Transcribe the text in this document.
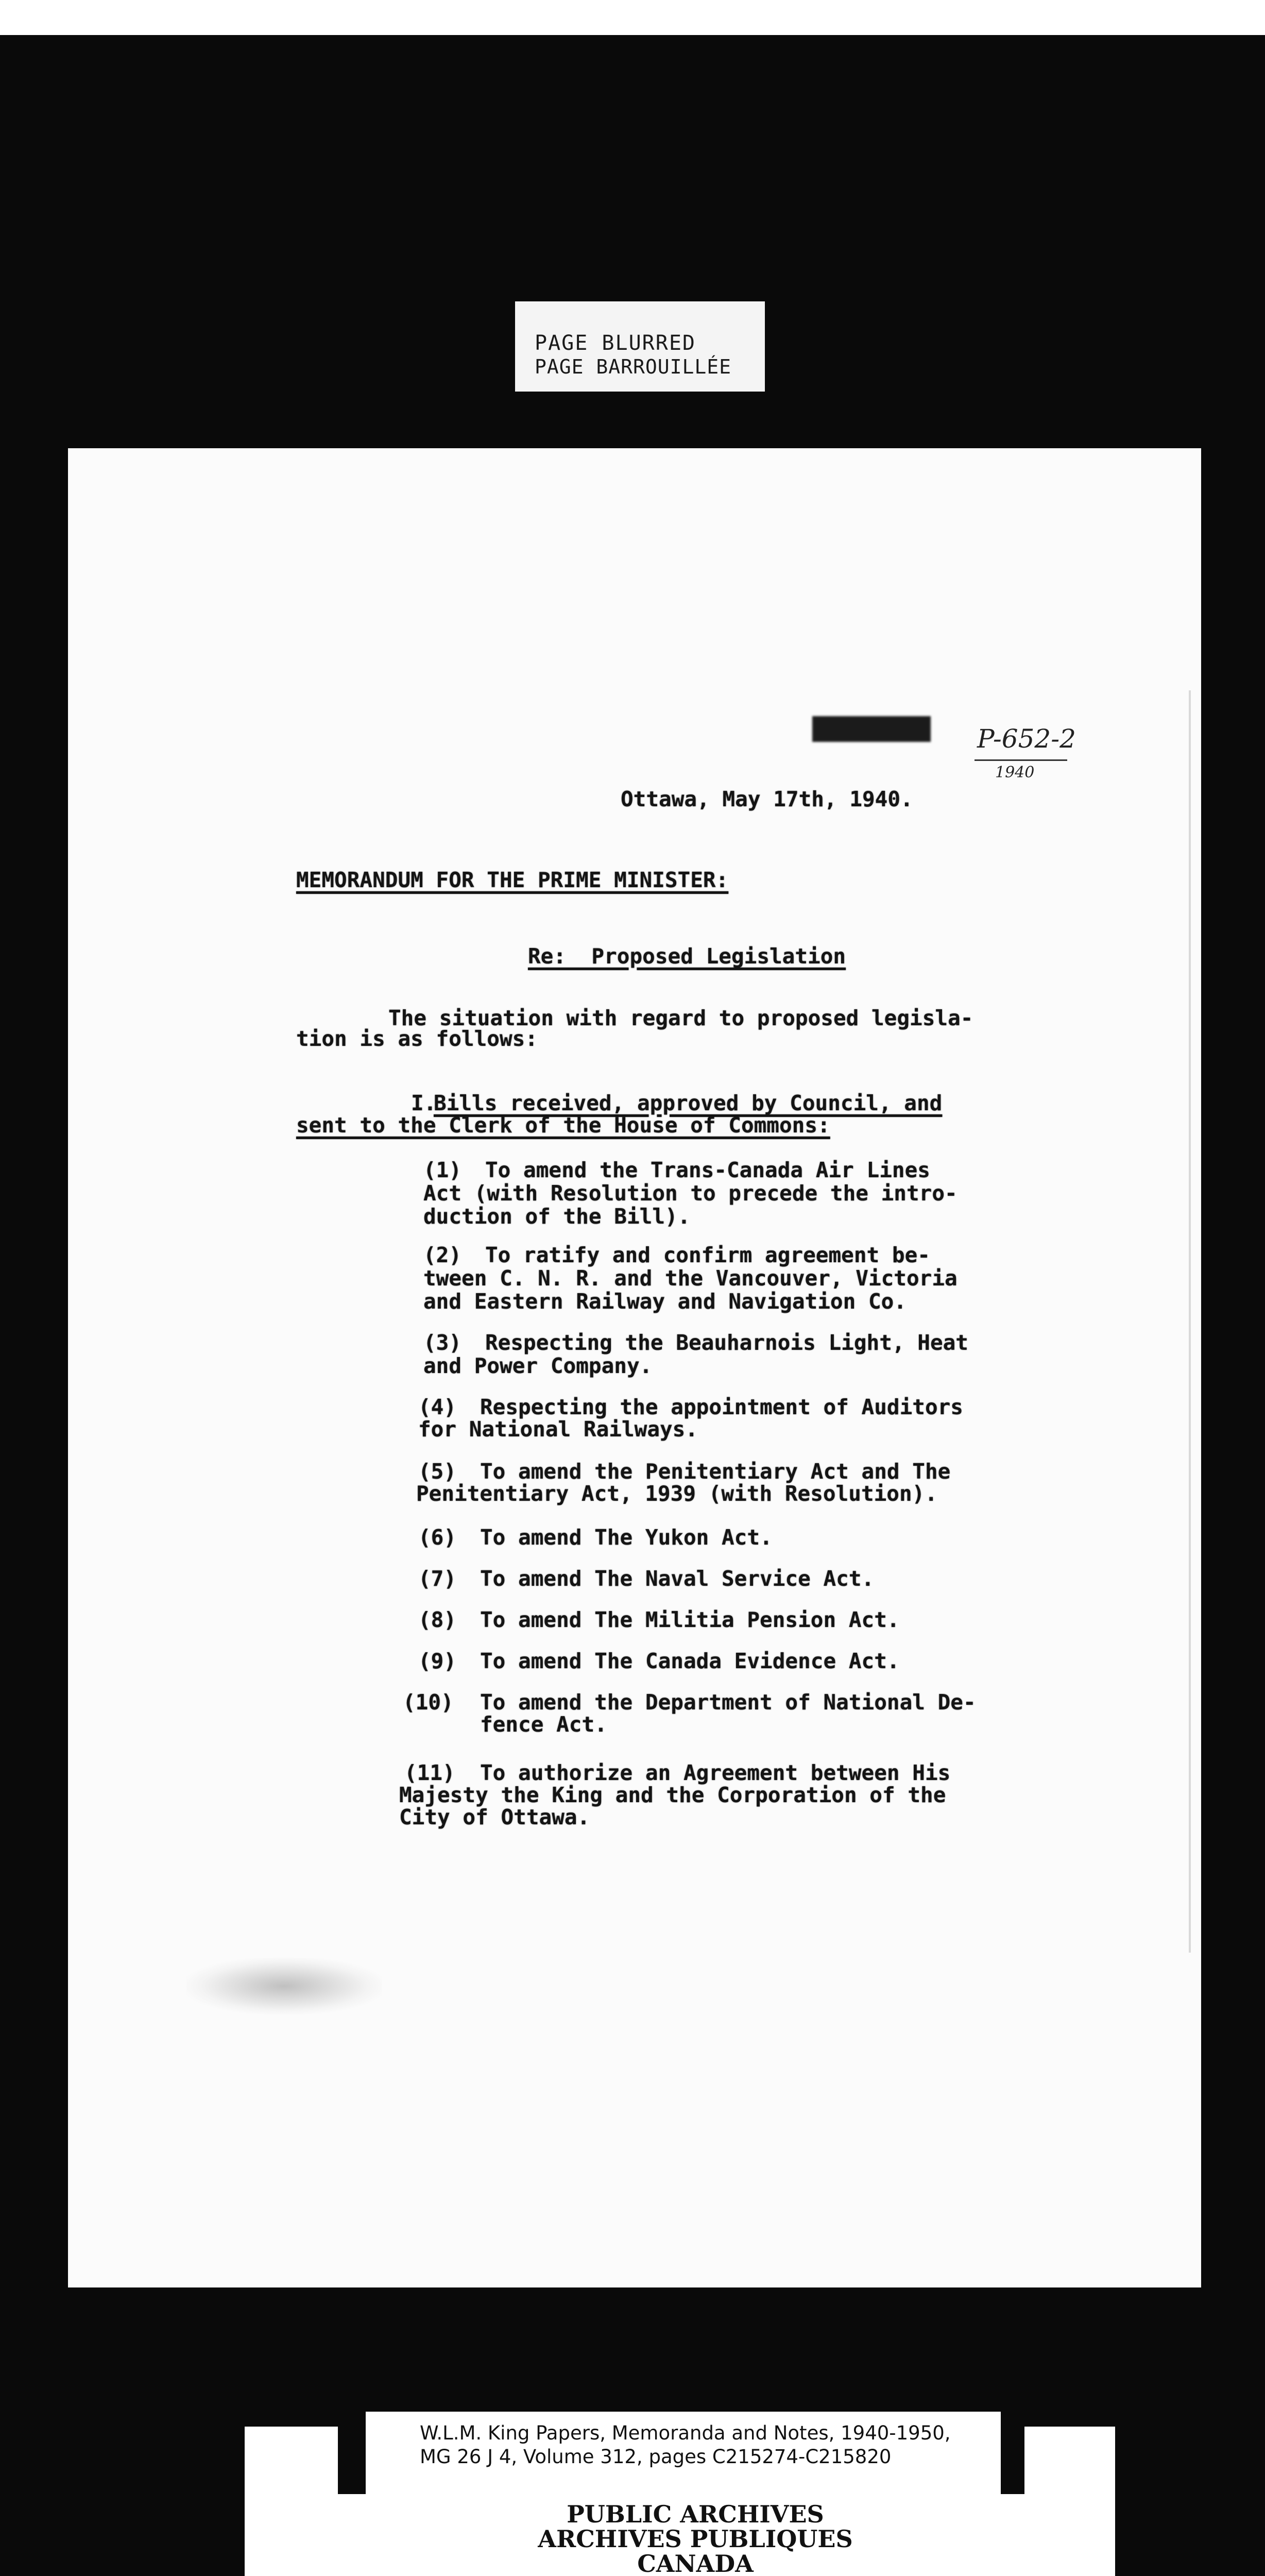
PAGE BLURRED
PAGE BARROUILLÉE
C215255	P-652-2
1940
Ottawa, May 17th, 1940.
MEMORANDUM FOR THE PRIME MINISTER:
Re:  Proposed Legislation
The situation with regard to proposed legisla-
tion is as follows:
I.
Bills received, approved by Council, and
sent to the Clerk of the House of Commons:
(1) To amend the Trans-Canada Air Lines
Act (with Resolution to precede the intro-
duction of the Bill).
(2) To ratify and confirm agreement be-
tween C. N. R. and the Vancouver, Victoria
and Eastern Railway and Navigation Co.
(3) Respecting the Beauharnois Light, Heat
and Power Company.
(4) Respecting the appointment of Auditors
for National Railways.
(5) To amend the Penitentiary Act and The
Penitentiary Act, 1939 (with Resolution).
(6) To amend The Yukon Act.
(7) To amend The Naval Service Act.
(8) To amend The Militia Pension Act.
(9) To amend The Canada Evidence Act.
(10) To amend the Department of National De-
fence Act.
(11) To authorize an Agreement between His
Majesty the King and the Corporation of the
City of Ottawa.
W.L.M. King Papers, Memoranda and Notes, 1940-1950,
MG 26 J 4, Volume 312, pages C215274-C215820
PUBLIC ARCHIVES
ARCHIVES PUBLIQUES
CANADA
